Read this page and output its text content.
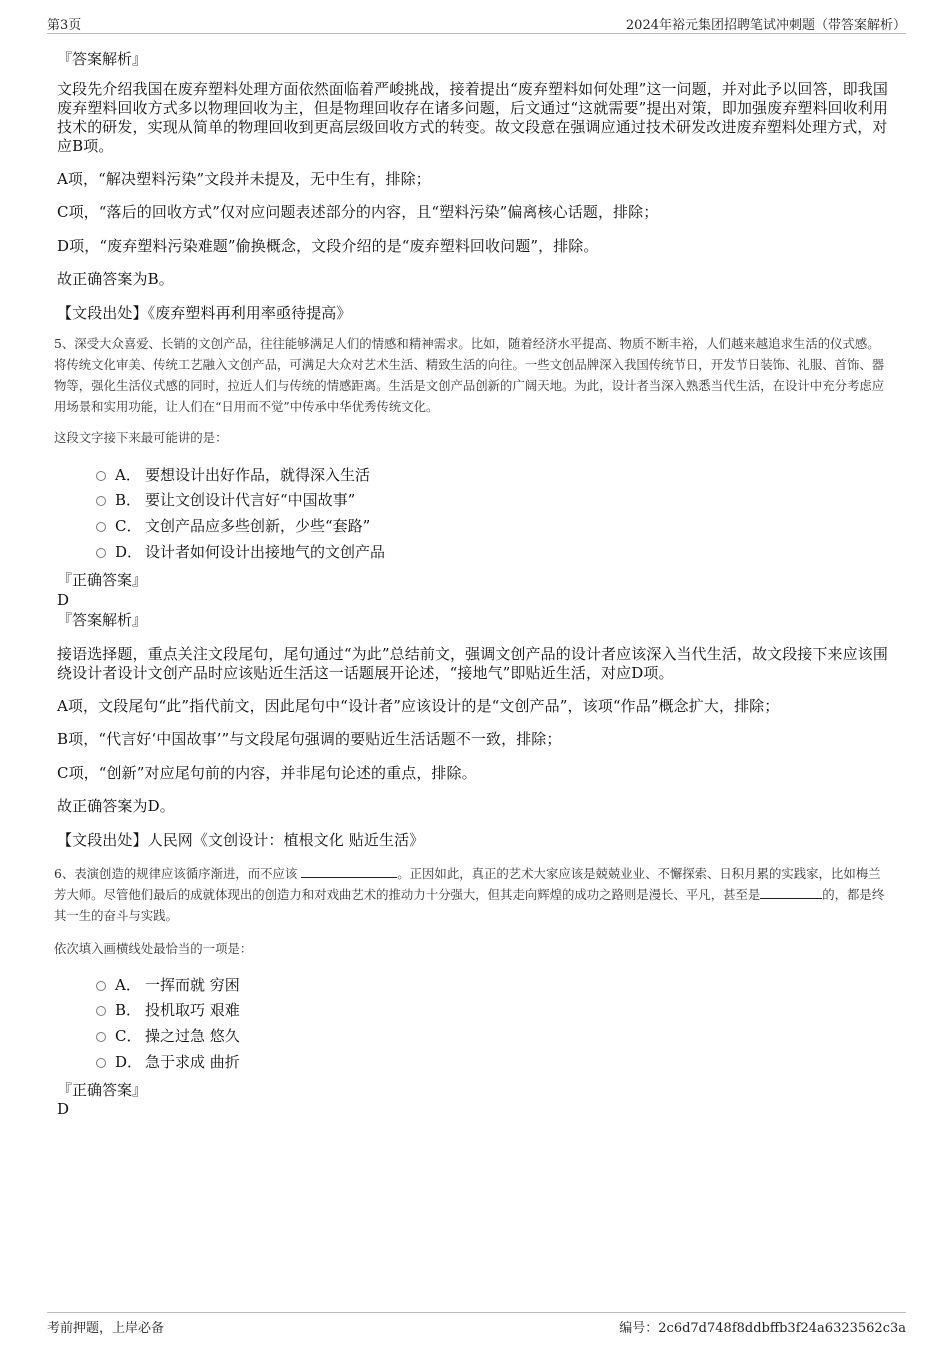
第3页	2024年裕元集团招聘笔试冲刺题（带答案解析）
『答案解析』
文段先介绍我国在废弃塑料处理方面依然面临着严峻挑战，接着提出“废弃塑料如何处理”这一问题，并对此予以回答，即我国废弃塑料回收方式多以物理回收为主，但是物理回收存在诸多问题，后文通过“这就需要”提出对策，即加强废弃塑料回收利用技术的研发，实现从简单的物理回收到更高层级回收方式的转变。故文段意在强调应通过技术研发改进废弃塑料处理方式，对应B项。
A项，“解决塑料污染”文段并未提及，无中生有，排除；
C项，“落后的回收方式”仅对应问题表述部分的内容，且“塑料污染”偏离核心话题，排除；
D项，“废弃塑料污染难题”偷换概念，文段介绍的是“废弃塑料回收问题”，排除。
故正确答案为B。
【文段出处】《废弃塑料再利用率亟待提高》
5、深受大众喜爱、长销的文创产品，往往能够满足人们的情感和精神需求。比如，随着经济水平提高、物质不断丰裕，人们越来越追求生活的仪式感。将传统文化审美、传统工艺融入文创产品，可满足大众对艺术生活、精致生活的向往。一些文创品牌深入我国传统节日，开发节日装饰、礼服、首饰、器物等，强化生活仪式感的同时，拉近人们与传统的情感距离。生活是文创产品创新的广阔天地。为此，设计者当深入熟悉当代生活，在设计中充分考虑应用场景和实用功能，让人们在“日用而不觉”中传承中华优秀传统文化。
这段文字接下来最可能讲的是：
A． 要想设计出好作品，就得深入生活
B． 要让文创设计代言好“中国故事”
C． 文创产品应多些创新，少些“套路”
D． 设计者如何设计出接地气的文创产品
『正确答案』
D
『答案解析』
接语选择题，重点关注文段尾句，尾句通过“为此”总结前文，强调文创产品的设计者应该深入当代生活，故文段接下来应该围绕设计者设计文创产品时应该贴近生活这一话题展开论述，“接地气”即贴近生活，对应D项。
A项，文段尾句“此”指代前文，因此尾句中“设计者”应该设计的是“文创产品”，该项“作品”概念扩大，排除；
B项，“代言好‘中国故事’”与文段尾句强调的要贴近生活话题不一致，排除；
C项，“创新”对应尾句前的内容，并非尾句论述的重点，排除。
故正确答案为D。
【文段出处】人民网《文创设计：植根文化 贴近生活》
6、表演创造的规律应该循序渐进，而不应该	。正因如此，真正的艺术大家应该是兢兢业业、不懈探索、日积月累的实践家，比如梅兰芳大师。尽管他们最后的成就体现出的创造力和对戏曲艺术的推动力十分强大，但其走向辉煌的成功之路则是漫长、平凡，甚至是	的，都是终其一生的奋斗与实践。
依次填入画横线处最恰当的一项是：
A． 一挥而就 穷困
B． 投机取巧 艰难
C． 操之过急 悠久
D． 急于求成 曲折
『正确答案』
D
考前押题，上岸必备	编号：2c6d7d748f8ddbffb3f24a6323562c3a
